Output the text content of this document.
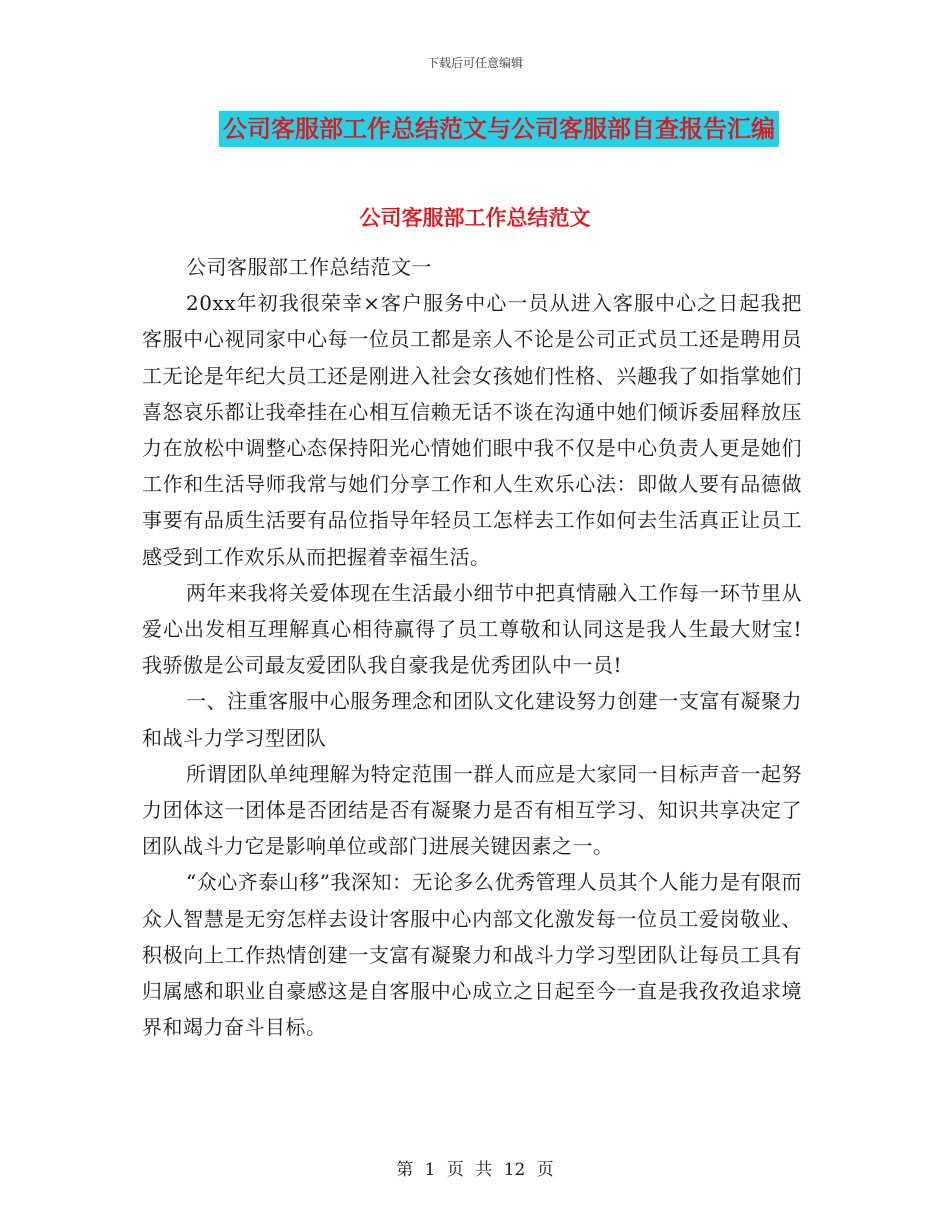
下载后可任意编辑
公司客服部工作总结范文与公司客服部自查报告汇编
公司客服部工作总结范文

公司客服部工作总结范文一

20xx年初我很荣幸×客户服务中心一员从进入客服中心之日起我把客服中心视同家中心每一位员工都是亲人不论是公司正式员工还是聘用员工无论是年纪大员工还是刚进入社会女孩她们性格、兴趣我了如指掌她们喜怒哀乐都让我牵挂在心相互信赖无话不谈在沟通中她们倾诉委屈释放压力在放松中调整心态保持阳光心情她们眼中我不仅是中心负责人更是她们工作和生活导师我常与她们分享工作和人生欢乐心法：即做人要有品德做事要有品质生活要有品位指导年轻员工怎样去工作如何去生活真正让员工感受到工作欢乐从而把握着幸福生活。

两年来我将关爱体现在生活最小细节中把真情融入工作每一环节里从爱心出发相互理解真心相待赢得了员工尊敬和认同这是我人生最大财宝!我骄傲是公司最友爱团队我自豪我是优秀团队中一员!

一、注重客服中心服务理念和团队文化建设努力创建一支富有凝聚力和战斗力学习型团队

所谓团队单纯理解为特定范围一群人而应是大家同一目标声音一起努力团体这一团体是否团结是否有凝聚力是否有相互学习、知识共享决定了团队战斗力它是影响单位或部门进展关键因素之一。

“众心齐泰山移”我深知：无论多么优秀管理人员其个人能力是有限而众人智慧是无穷怎样去设计客服中心内部文化激发每一位员工爱岗敬业、积极向上工作热情创建一支富有凝聚力和战斗力学习型团队让每员工具有归属感和职业自豪感这是自客服中心成立之日起至今一直是我孜孜追求境界和竭力奋斗目标。

第 1 页 共 12 页
